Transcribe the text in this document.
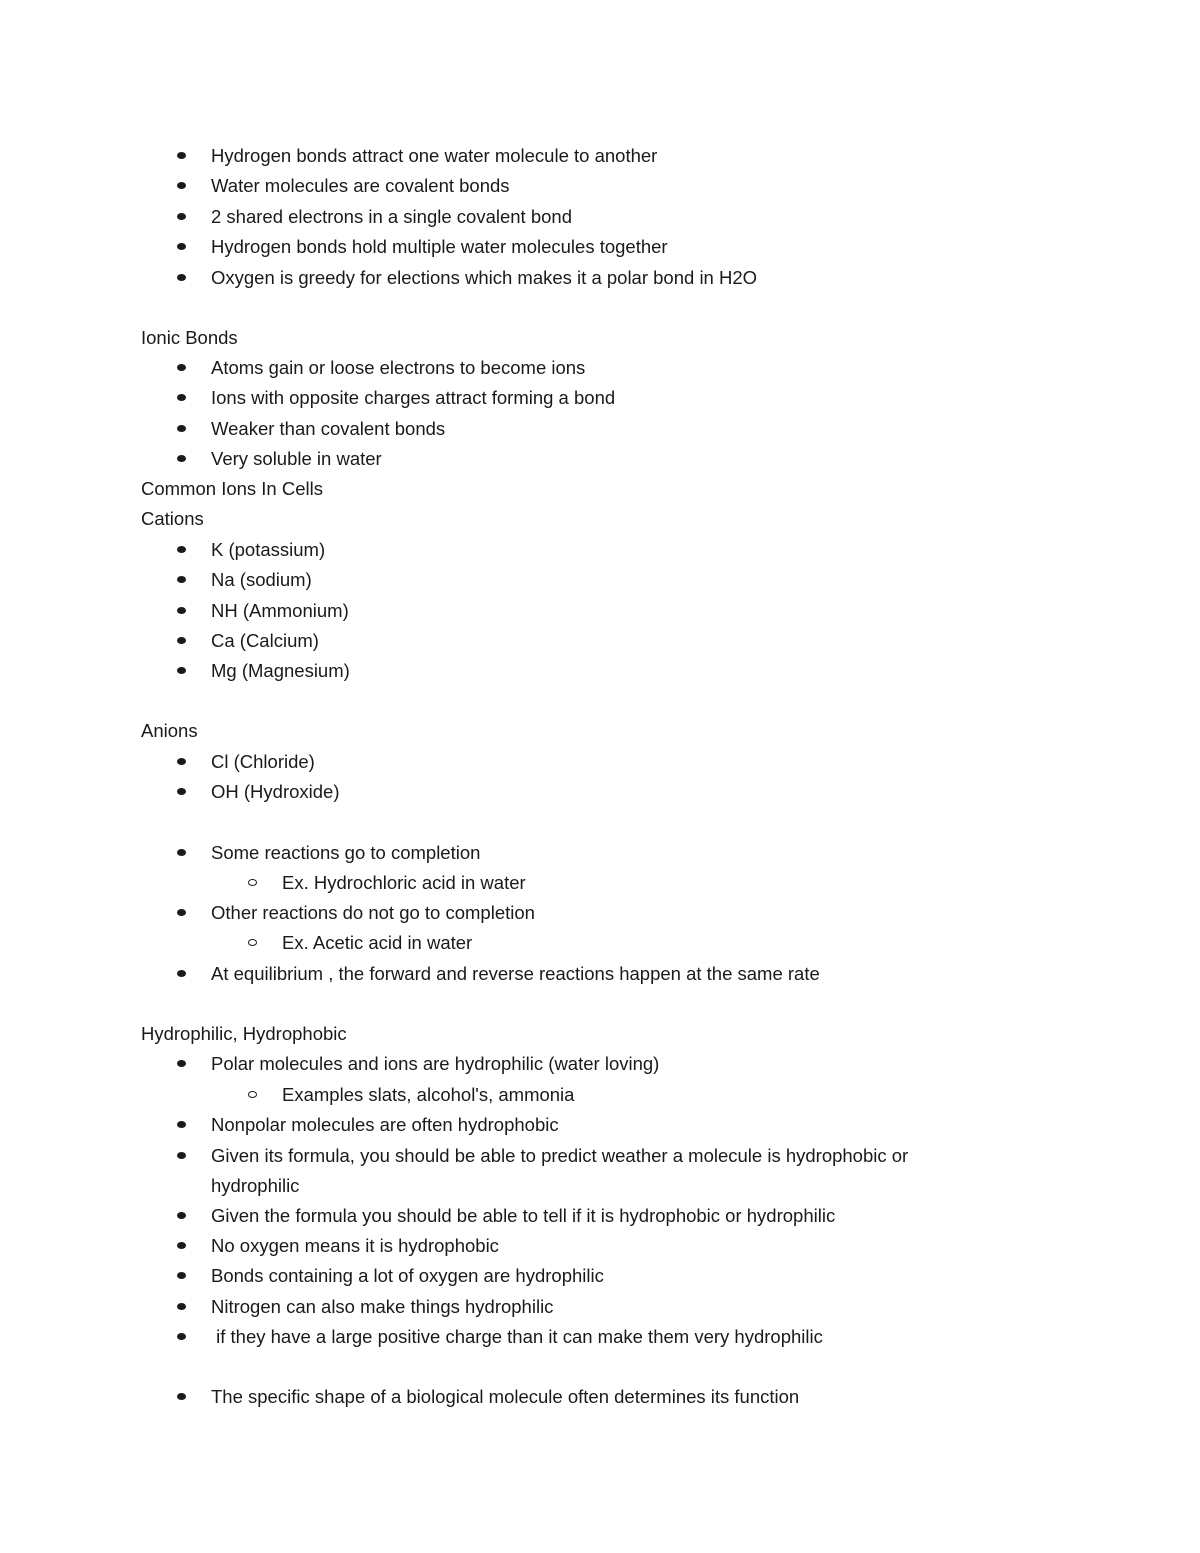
Hydrogen bonds attract one water molecule to another
Water molecules are covalent bonds
2 shared electrons in a single covalent bond
Hydrogen bonds hold multiple water molecules together
Oxygen is greedy for elections which makes it a polar bond in H2O
Ionic Bonds
Atoms gain or loose electrons to become ions
Ions with opposite charges attract forming a bond
Weaker than covalent bonds
Very soluble in water
Common Ions In Cells
Cations
K (potassium)
Na (sodium)
NH (Ammonium)
Ca (Calcium)
Mg (Magnesium)
Anions
Cl (Chloride)
OH (Hydroxide)
Some reactions go to completion
Ex. Hydrochloric acid in water
Other reactions do not go to completion
Ex. Acetic acid in water
At equilibrium , the forward and reverse reactions happen at the same rate
Hydrophilic, Hydrophobic
Polar molecules and ions are hydrophilic (water loving)
Examples slats, alcohol's, ammonia
Nonpolar molecules are often hydrophobic
Given its formula, you should be able to predict weather a molecule is hydrophobic or
hydrophilic
Given the formula you should be able to tell if it is hydrophobic or hydrophilic
No oxygen means it is hydrophobic
Bonds containing a lot of oxygen are hydrophilic
Nitrogen can also make things hydrophilic
if they have a large positive charge than it can make them very hydrophilic
The specific shape of a biological molecule often determines its function
